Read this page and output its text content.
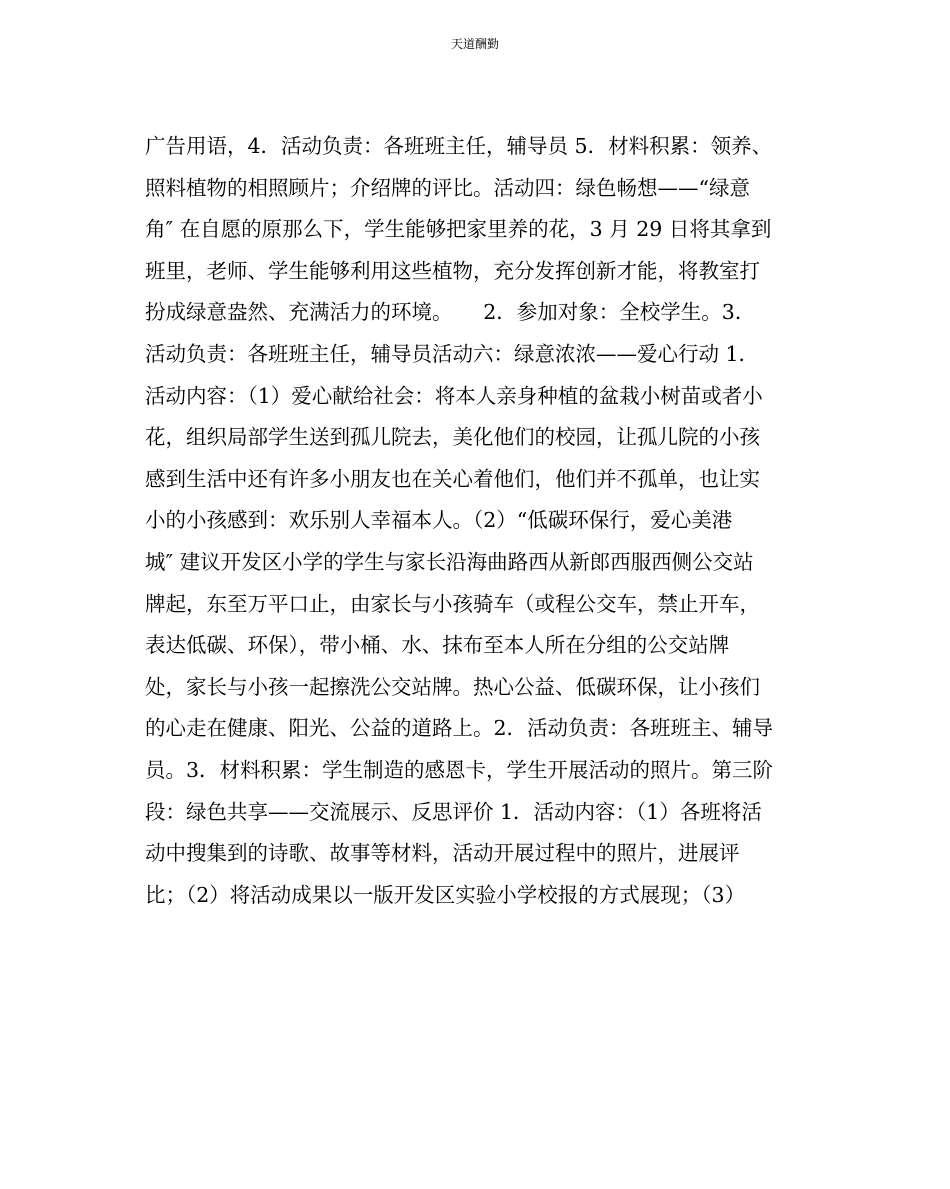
天道酬勤
广告用语，4．活动负责：各班班主任，辅导员 5．材料积累：领养、
照料植物的相照顾片；介绍牌的评比。活动四：绿色畅想——“绿意
角″ 在自愿的原那么下，学生能够把家里养的花，3 月 29 日将其拿到
班里，老师、学生能够利用这些植物，充分发挥创新才能，将教室打
扮成绿意盎然、充满活力的环境。　　2．参加对象：全校学生。3．
活动负责：各班班主任，辅导员活动六：绿意浓浓——爱心行动 1．
活动内容：（1）爱心献给社会：将本人亲身种植的盆栽小树苗或者小
花，组织局部学生送到孤儿院去，美化他们的校园，让孤儿院的小孩
感到生活中还有许多小朋友也在关心着他们，他们并不孤单，也让实
小的小孩感到：欢乐别人幸福本人。（2）“低碳环保行，爱心美港
城″ 建议开发区小学的学生与家长沿海曲路西从新郎西服西侧公交站
牌起，东至万平口止，由家长与小孩骑车（或程公交车，禁止开车，
表达低碳、环保），带小桶、水、抹布至本人所在分组的公交站牌
处，家长与小孩一起擦洗公交站牌。热心公益、低碳环保，让小孩们
的心走在健康、阳光、公益的道路上。2．活动负责：各班班主、辅导
员。3．材料积累：学生制造的感恩卡，学生开展活动的照片。第三阶
段：绿色共享——交流展示、反思评价 1．活动内容：（1）各班将活
动中搜集到的诗歌、故事等材料，活动开展过程中的照片，进展评
比；（2）将活动成果以一版开发区实验小学校报的方式展现；（3）
